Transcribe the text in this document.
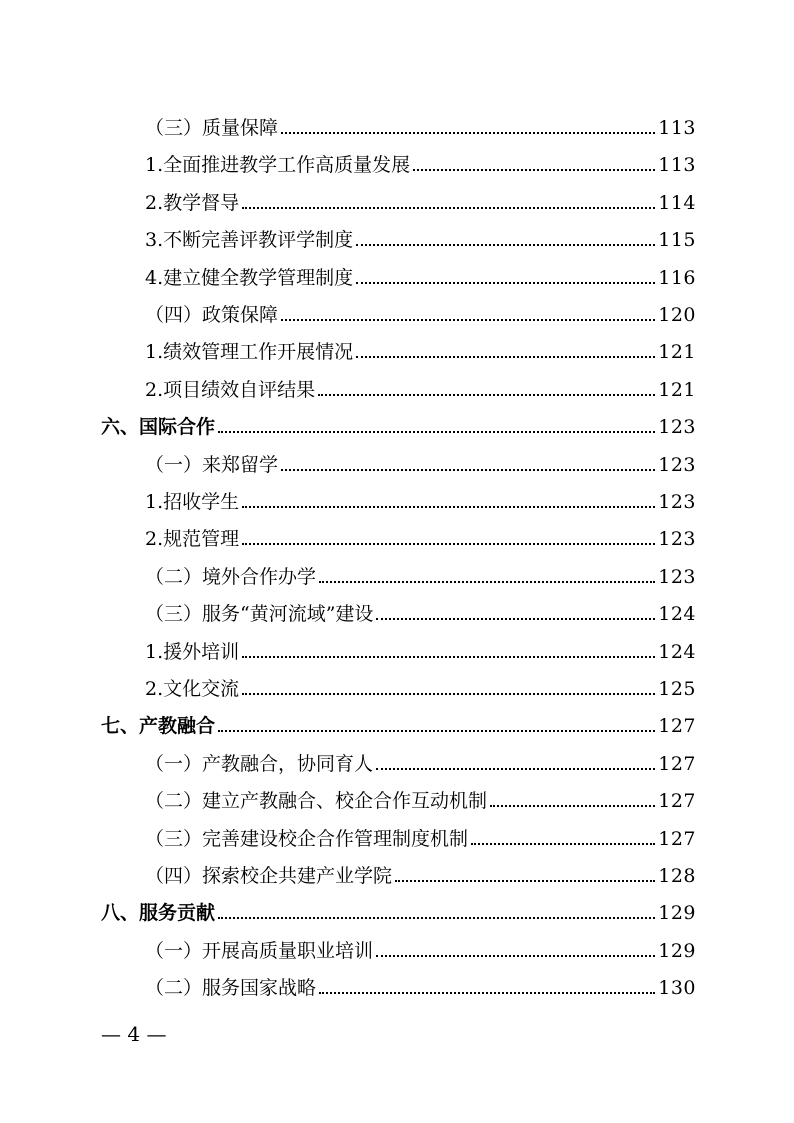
（三）质量保障	113
1.全面推进教学工作高质量发展	113
2.教学督导	114
3.不断完善评教评学制度	115
4.建立健全教学管理制度	116
（四）政策保障	120
1.绩效管理工作开展情况	121
2.项目绩效自评结果	121
六、国际合作	123
（一）来郑留学	123
1.招收学生	123
2.规范管理	123
（二）境外合作办学	123
（三）服务“黄河流域”建设	124
1.援外培训	124
2.文化交流	125
七、产教融合	127
（一）产教融合，协同育人	127
（二）建立产教融合、校企合作互动机制	127
（三）完善建设校企合作管理制度机制	127
（四）探索校企共建产业学院	128
八、服务贡献	129
（一）开展高质量职业培训	129
（二）服务国家战略	130
— 4 —
